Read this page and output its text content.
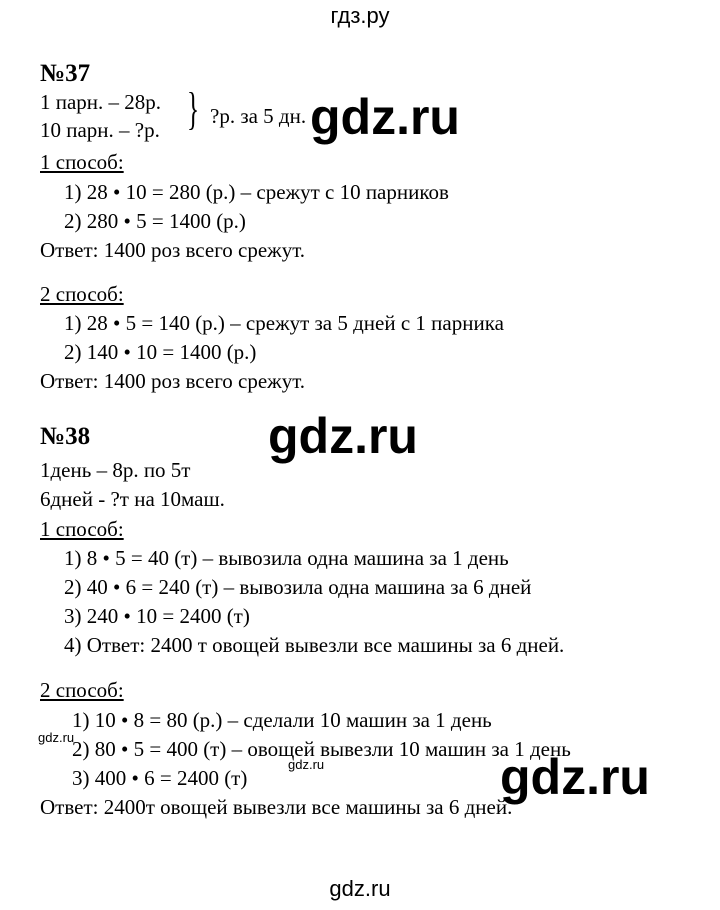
гдз.ру
№37
1 парн. – 28р.
10 парн. – ?р. } ?р. за 5 дн. gdz.ru
1 способ:
1) 28 • 10 = 280 (р.) – срежут с 10 парников
2) 280 • 5 = 1400 (р.)
Ответ: 1400 роз всего срежут.
2 способ:
1) 28 • 5 = 140 (р.) – срежут за 5 дней с 1 парника
2) 140 • 10 = 1400 (р.)
Ответ: 1400 роз всего срежут.
№38	gdz.ru
1день – 8р. по 5т
6дней - ?т на 10маш.
1 способ:
1) 8 • 5 = 40 (т) – вывозила одна машина за 1 день
2) 40 • 6 = 240 (т) – вывозила одна машина за 6 дней
3) 240 • 10 = 2400 (т)
4) Ответ: 2400 т овощей вывезли все машины за 6 дней.
2 способ:
1) 10 • 8 = 80 (р.) – сделали 10 машин за 1 день
gdz.ru
2) 80 • 5 = 400 (т) – овощей вывезли 10 машин за 1 день
gdz.ru
3) 400 • 6 = 2400 (т)	gdz.ru
Ответ: 2400т овощей вывезли все машины за 6 дней.
gdz.ru
